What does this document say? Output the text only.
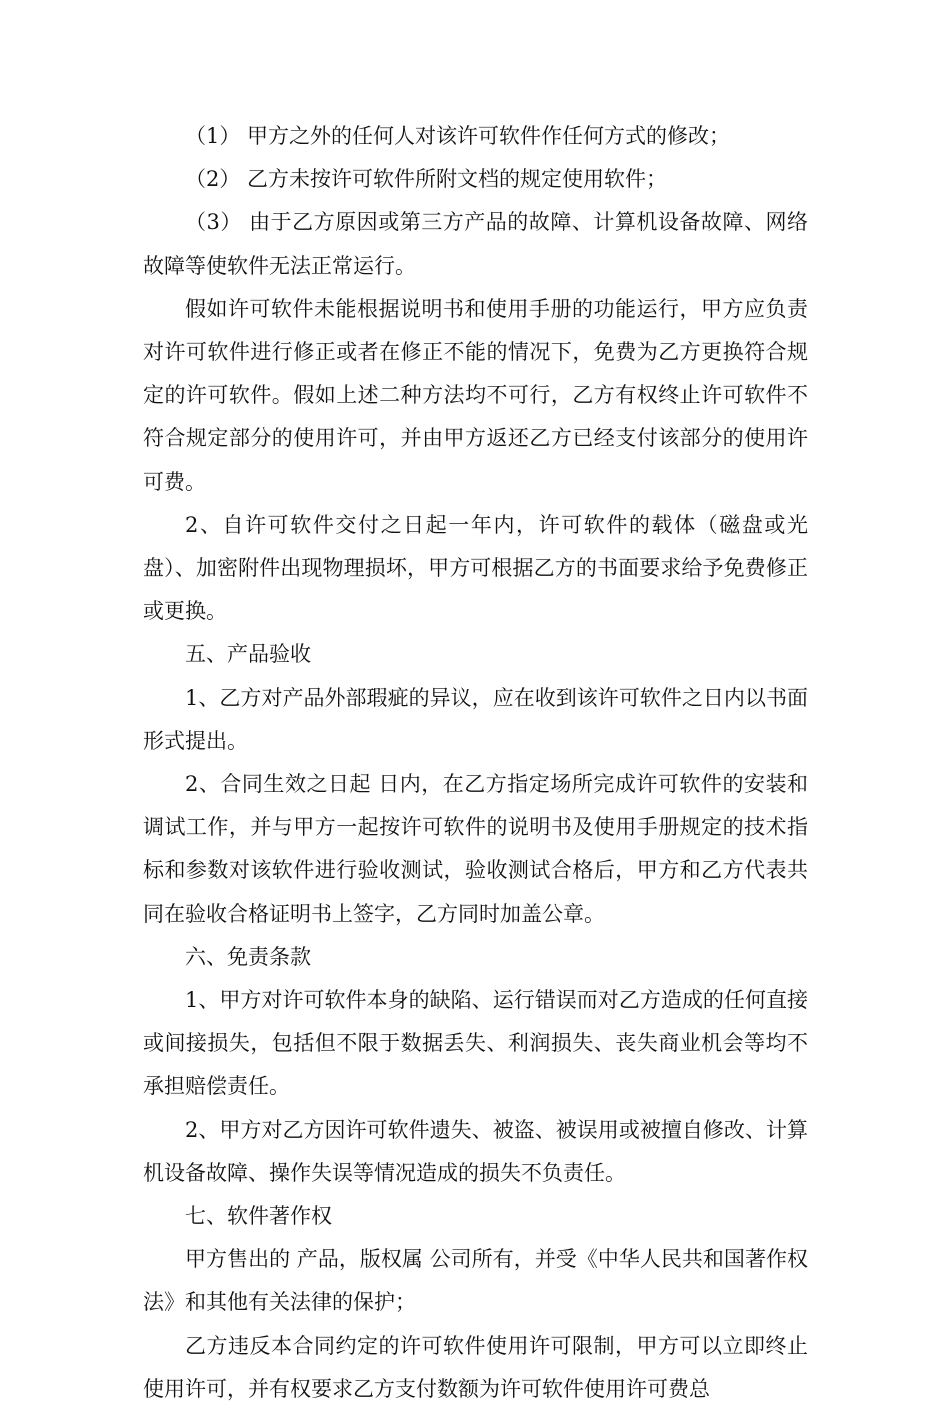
（1） 甲方之外的任何人对该许可软件作任何方式的修改；

（2） 乙方未按许可软件所附文档的规定使用软件；

（3） 由于乙方原因或第三方产品的故障、计算机设备故障、网络故障等使软件无法正常运行。

假如许可软件未能根据说明书和使用手册的功能运行，甲方应负责对许可软件进行修正或者在修正不能的情况下，免费为乙方更换符合规定的许可软件。假如上述二种方法均不可行，乙方有权终止许可软件不符合规定部分的使用许可，并由甲方返还乙方已经支付该部分的使用许可费。

2、自许可软件交付之日起一年内，许可软件的载体（磁盘或光盘）、加密附件出现物理损坏，甲方可根据乙方的书面要求给予免费修正或更换。

五、产品验收

1、乙方对产品外部瑕疵的异议，应在收到该许可软件之日内以书面形式提出。

2、合同生效之日起 日内，在乙方指定场所完成许可软件的安装和调试工作，并与甲方一起按许可软件的说明书及使用手册规定的技术指标和参数对该软件进行验收测试，验收测试合格后，甲方和乙方代表共同在验收合格证明书上签字，乙方同时加盖公章。

六、免责条款

1、甲方对许可软件本身的缺陷、运行错误而对乙方造成的任何直接或间接损失，包括但不限于数据丢失、利润损失、丧失商业机会等均不承担赔偿责任。

2、甲方对乙方因许可软件遗失、被盗、被误用或被擅自修改、计算机设备故障、操作失误等情况造成的损失不负责任。

七、软件著作权

甲方售出的 产品，版权属 公司所有，并受《中华人民共和国著作权法》和其他有关法律的保护；

乙方违反本合同约定的许可软件使用许可限制，甲方可以立即终止使用许可，并有权要求乙方支付数额为许可软件使用许可费总
